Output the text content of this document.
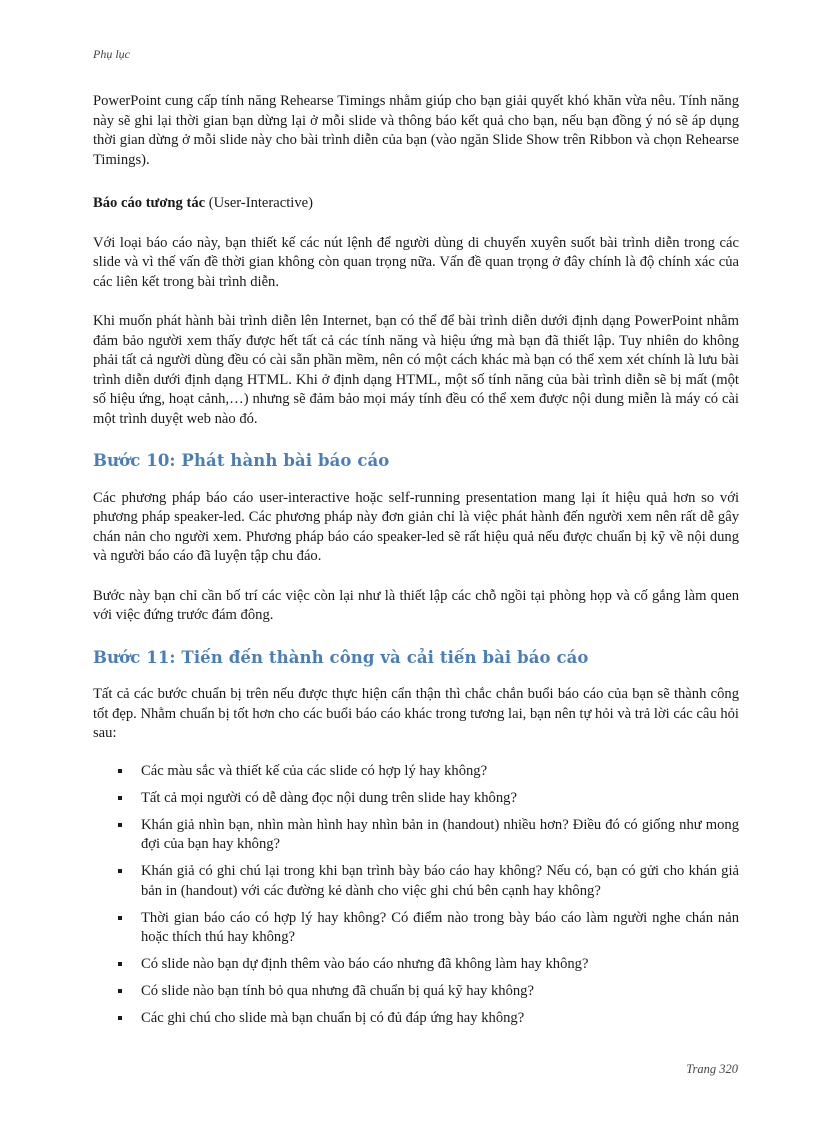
Phụ lục

PowerPoint cung cấp tính năng Rehearse Timings nhằm giúp cho bạn giải quyết khó khăn vừa nêu. Tính năng này sẽ ghi lại thời gian bạn dừng lại ở mỗi slide và thông báo kết quả cho bạn, nếu bạn đồng ý nó sẽ áp dụng thời gian dừng ở mỗi slide này cho bài trình diễn của bạn (vào ngăn Slide Show trên Ribbon và chọn Rehearse Timings).

Báo cáo tương tác (User-Interactive)

Với loại báo cáo này, bạn thiết kế các nút lệnh để người dùng di chuyển xuyên suốt bài trình diễn trong các slide và vì thế vấn đề thời gian không còn quan trọng nữa. Vấn đề quan trọng ở đây chính là độ chính xác của các liên kết trong bài trình diễn.

Khi muốn phát hành bài trình diễn lên Internet, bạn có thể để bài trình diễn dưới định dạng PowerPoint nhằm đảm bảo người xem thấy được hết tất cả các tính năng và hiệu ứng mà bạn đã thiết lập. Tuy nhiên do không phải tất cả người dùng đều có cài sẵn phần mềm, nên có một cách khác mà bạn có thể xem xét chính là lưu bài trình diễn dưới định dạng HTML. Khi ở định dạng HTML, một số tính năng của bài trình diễn sẽ bị mất (một số hiệu ứng, hoạt cảnh,…) nhưng sẽ đảm bảo mọi máy tính đều có thể xem được nội dung miễn là máy có cài một trình duyệt web nào đó.

Bước 10: Phát hành bài báo cáo

Các phương pháp báo cáo user-interactive hoặc self-running presentation mang lại ít hiệu quả hơn so với phương pháp speaker-led. Các phương pháp này đơn giản chỉ là việc phát hành đến người xem nên rất dễ gây chán nản cho người xem. Phương pháp báo cáo speaker-led sẽ rất hiệu quả nếu được chuẩn bị kỹ về nội dung và người báo cáo đã luyện tập chu đáo.

Bước này bạn chỉ cần bố trí các việc còn lại như là thiết lập các chỗ ngồi tại phòng họp và cố gắng làm quen với việc đứng trước đám đông.

Bước 11: Tiến đến thành công và cải tiến bài báo cáo

Tất cả các bước chuẩn bị trên nếu được thực hiện cẩn thận thì chắc chắn buổi báo cáo của bạn sẽ thành công tốt đẹp. Nhằm chuẩn bị tốt hơn cho các buổi báo cáo khác trong tương lai, bạn nên tự hỏi và trả lời các câu hỏi sau:

Các màu sắc và thiết kế của các slide có hợp lý hay không?
Tất cả mọi người có dễ dàng đọc nội dung trên slide hay không?
Khán giả nhìn bạn, nhìn màn hình hay nhìn bản in (handout) nhiều hơn? Điều đó có giống như mong đợi của bạn hay không?
Khán giả có ghi chú lại trong khi bạn trình bày báo cáo hay không? Nếu có, bạn có gửi cho khán giả bản in (handout) với các đường kẻ dành cho việc ghi chú bên cạnh hay không?
Thời gian báo cáo có hợp lý hay không? Có điểm nào trong bày báo cáo làm người nghe chán nản hoặc thích thú hay không?
Có slide nào bạn dự định thêm vào báo cáo nhưng đã không làm hay không?
Có slide nào bạn tính bỏ qua nhưng đã chuẩn bị quá kỹ hay không?
Các ghi chú cho slide mà bạn chuẩn bị có đủ đáp ứng hay không?
Trang 320
